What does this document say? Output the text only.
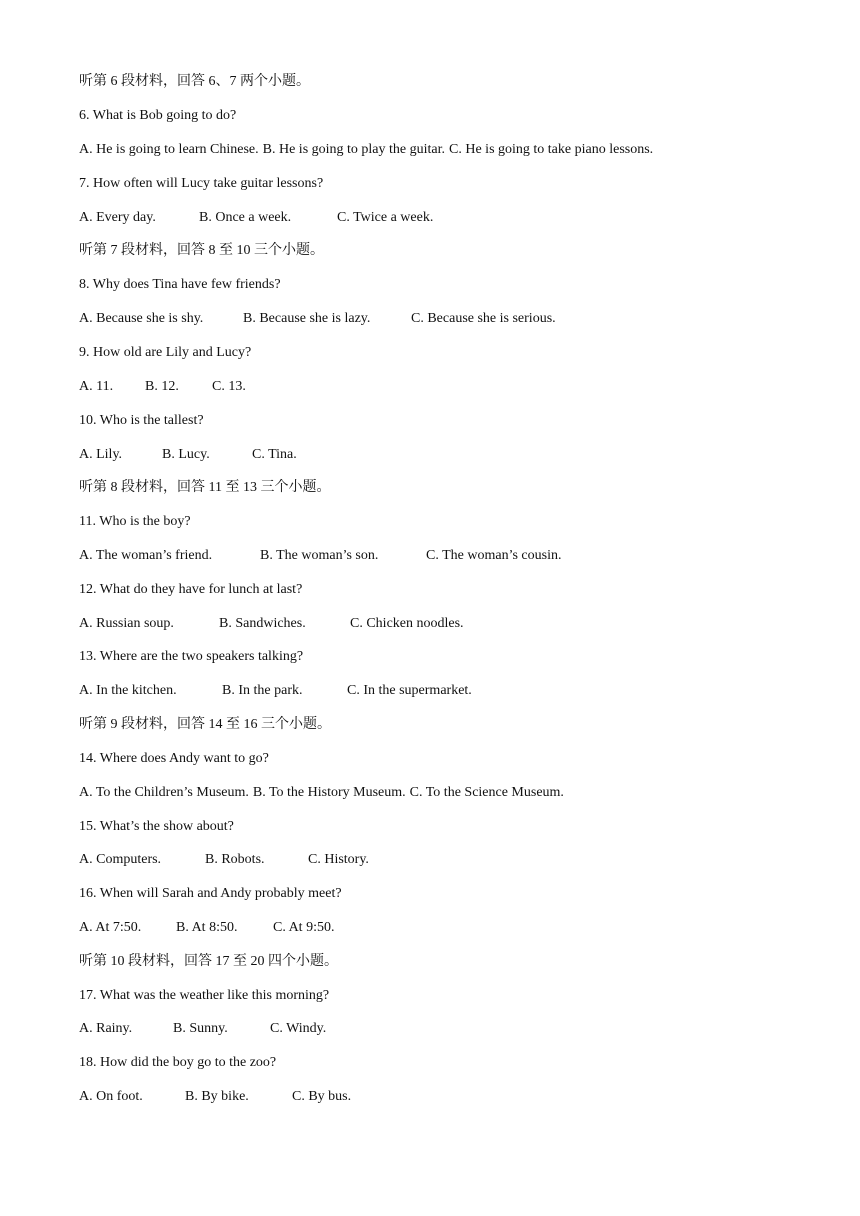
听第 6 段材料，回答 6、7 两个小题。
6. What is Bob going to do?
A. He is going to learn Chinese. B. He is going to play the guitar. C. He is going to take piano lessons.
7. How often will Lucy take guitar lessons?
A. Every day.	B. Once a week.	C. Twice a week.
听第 7 段材料，回答 8 至 10 三个小题。
8. Why does Tina have few friends?
A. Because she is shy.	B. Because she is lazy.	C. Because she is serious.
9. How old are Lily and Lucy?
A. 11.	B. 12.	C. 13.
10. Who is the tallest?
A. Lily.	B. Lucy.	C. Tina.
听第 8 段材料，回答 11 至 13 三个小题。
11. Who is the boy?
A. The woman’s friend.	B. The woman’s son.	C. The woman’s cousin.
12. What do they have for lunch at last?
A. Russian soup.	B. Sandwiches.	C. Chicken noodles.
13. Where are the two speakers talking?
A. In the kitchen.	B. In the park.	C. In the supermarket.
听第 9 段材料，回答 14 至 16 三个小题。
14. Where does Andy want to go?
A. To the Children’s Museum. B. To the History Museum. C. To the Science Museum.
15. What’s the show about?
A. Computers.	B. Robots.	C. History.
16. When will Sarah and Andy probably meet?
A. At 7:50.	B. At 8:50.	C. At 9:50.
听第 10 段材料，回答 17 至 20 四个小题。
17. What was the weather like this morning?
A. Rainy.	B. Sunny.	C. Windy.
18. How did the boy go to the zoo?
A. On foot.	B. By bike.	C. By bus.
